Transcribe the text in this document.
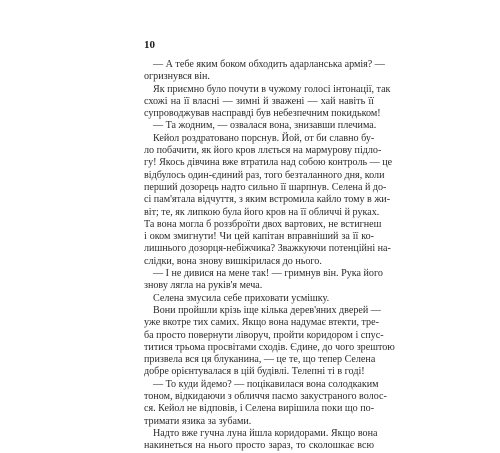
10
— А тебе яким боком обходить адарланська армія? —
огризнувся він.
Як приємно було почути в чужому голосі інтонації, так
схожі на її власні — зимні й зважені — хай навіть її
супроводжував насправді був небезпечним покидьком!
— Та жодним, — озвалася вона, знизавши плечима.
Кейол роздратовано порснув. Йой, от би славно бу-
ло побачити, як його кров ллється на мармурову підло-
гу! Якось дівчина вже втратила над собою контроль — це
відбулось один-єдиний раз, того безталанного дня, коли
перший дозорець надто сильно її шарпнув. Селена й до-
сі пам'ятала відчуття, з яким встромила кайло тому в жи-
віт; те, як липкою була його кров на її обличчі й руках.
Та вона могла б роззброїти двох вартових, не встигнеш
і оком змигнути! Чи цей капітан вправніший за її ко-
лишнього дозорця-небіжчика? Зважкуючи потенційні на-
слідки, вона знову вишкірилася до нього.
— І не дивися на мене так! — гримнув він. Рука його
знову лягла на руків'я меча.
Селена змусила себе приховати усмішку.
Вони пройшли крізь іще кілька дерев'яних дверей —
уже вкотре тих самих. Якщо вона надумає втекти, тре-
ба просто повернути ліворуч, пройти коридором і спус-
титися трьома просвітами сходів. Єдине, до чого зрештою
призвела вся ця блуканина, — це те, що тепер Селена
добре орієнтувалася в цій будівлі. Телепні ті в годі!
— То куди йдемо? — поцікавилася вона солодкаким
тоном, відкидаючи з обличчя пасмо закустраного волос-
ся. Кейол не відповів, і Селена вирішила поки що по-
тримати язика за зубами.
Надто вже гучна луна йшла коридорами. Якщо вона
накинеться на нього просто зараз, то сколошкає всю
